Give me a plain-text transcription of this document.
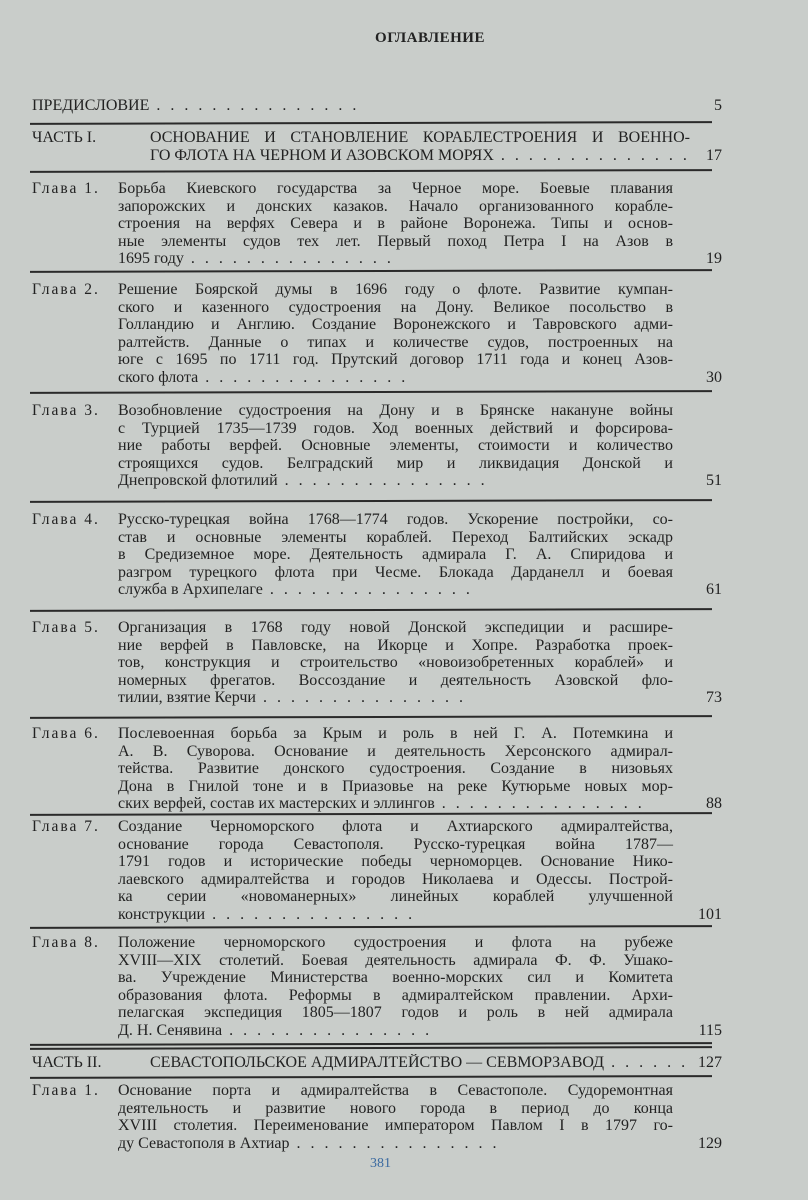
ОГЛАВЛЕНИЕ
ПРЕДИСЛОВИЕ . .	5
ЧАСТЬ I.	ОСНОВАНИЕ И СТАНОВЛЕНИЕ КОРАБЛЕСТРОЕНИЯ И ВОЕННО-
ГО ФЛОТА НА ЧЕРНОМ И АЗОВСКОМ МОРЯХ . .	17
Глава 1. Борьба Киевского государства за Черное море. Боевые плавания
запорожских и донских казаков. Начало организованного корабле-
строения на верфях Севера и в районе Воронежа. Типы и основ-
ные элементы судов тех лет. Первый поход Петра I на Азов в
1695 году . .	19
Глава 2. Решение Боярской думы в 1696 году о флоте. Развитие кумпан-
ского и казенного судостроения на Дону. Великое посольство в
Голландию и Англию. Создание Воронежского и Тавровского адми-
ралтейств. Данные о типах и количестве судов, построенных на
юге с 1695 по 1711 год. Прутский договор 1711 года и конец Азов-
ского флота . .	30
Глава 3. Возобновление судостроения на Дону и в Брянске накануне войны
с Турцией 1735—1739 годов. Ход военных действий и форсирова-
ние работы верфей. Основные элементы, стоимости и количество
строящихся судов. Белградский мир и ликвидация Донской и
Днепровской флотилий . .	51
Глава 4. Русско-турецкая война 1768—1774 годов. Ускорение постройки, со-
став и основные элементы кораблей. Переход Балтийских эскадр
в Средиземное море. Деятельность адмирала Г. А. Спиридова и
разгром турецкого флота при Чесме. Блокада Дарданелл и боевая
служба в Архипелаге . .	61
Глава 5. Организация в 1768 году новой Донской экспедиции и расшире-
ние верфей в Павловске, на Икорце и Хопре. Разработка проек-
тов, конструкция и строительство «новоизобретенных кораблей» и
номерных фрегатов. Воссоздание и деятельность Азовской фло-
тилии, взятие Керчи . .	73
Глава 6. Послевоенная борьба за Крым и роль в ней Г. А. Потемкина и
А. В. Суворова. Основание и деятельность Херсонского адмирал-
тейства. Развитие донского судостроения. Создание в низовьях
Дона в Гнилой тоне и в Приазовье на реке Кутюрьме новых мор-
ских верфей, состав их мастерских и эллингов . .	88
Глава 7. Создание Черноморского флота и Ахтиарского адмиралтейства,
основание города Севастополя. Русско-турецкая война 1787—
1791 годов и исторические победы черноморцев. Основание Нико-
лаевского адмиралтейства и городов Николаева и Одессы. Построй-
ка серии «новоманерных» линейных кораблей улучшенной
конструкции . .	101
Глава 8. Положение черноморского судостроения и флота на рубеже
XVIII—XIX столетий. Боевая деятельность адмирала Ф. Ф. Ушако-
ва. Учреждение Министерства военно-морских сил и Комитета
образования флота. Реформы в адмиралтейском правлении. Архи-
пелагская экспедиция 1805—1807 годов и роль в ней адмирала
Д. Н. Сенявина . .	115
ЧАСТЬ II.	СЕВАСТОПОЛЬСКОЕ АДМИРАЛТЕЙСТВО — СЕВМОРЗАВОД . .	127
Глава 1. Основание порта и адмиралтейства в Севастополе. Судоремонтная
деятельность и развитие нового города в период до конца
XVIII столетия. Переименование императором Павлом I в 1797 го-
ду Севастополя в Ахтиар . .	129
381
